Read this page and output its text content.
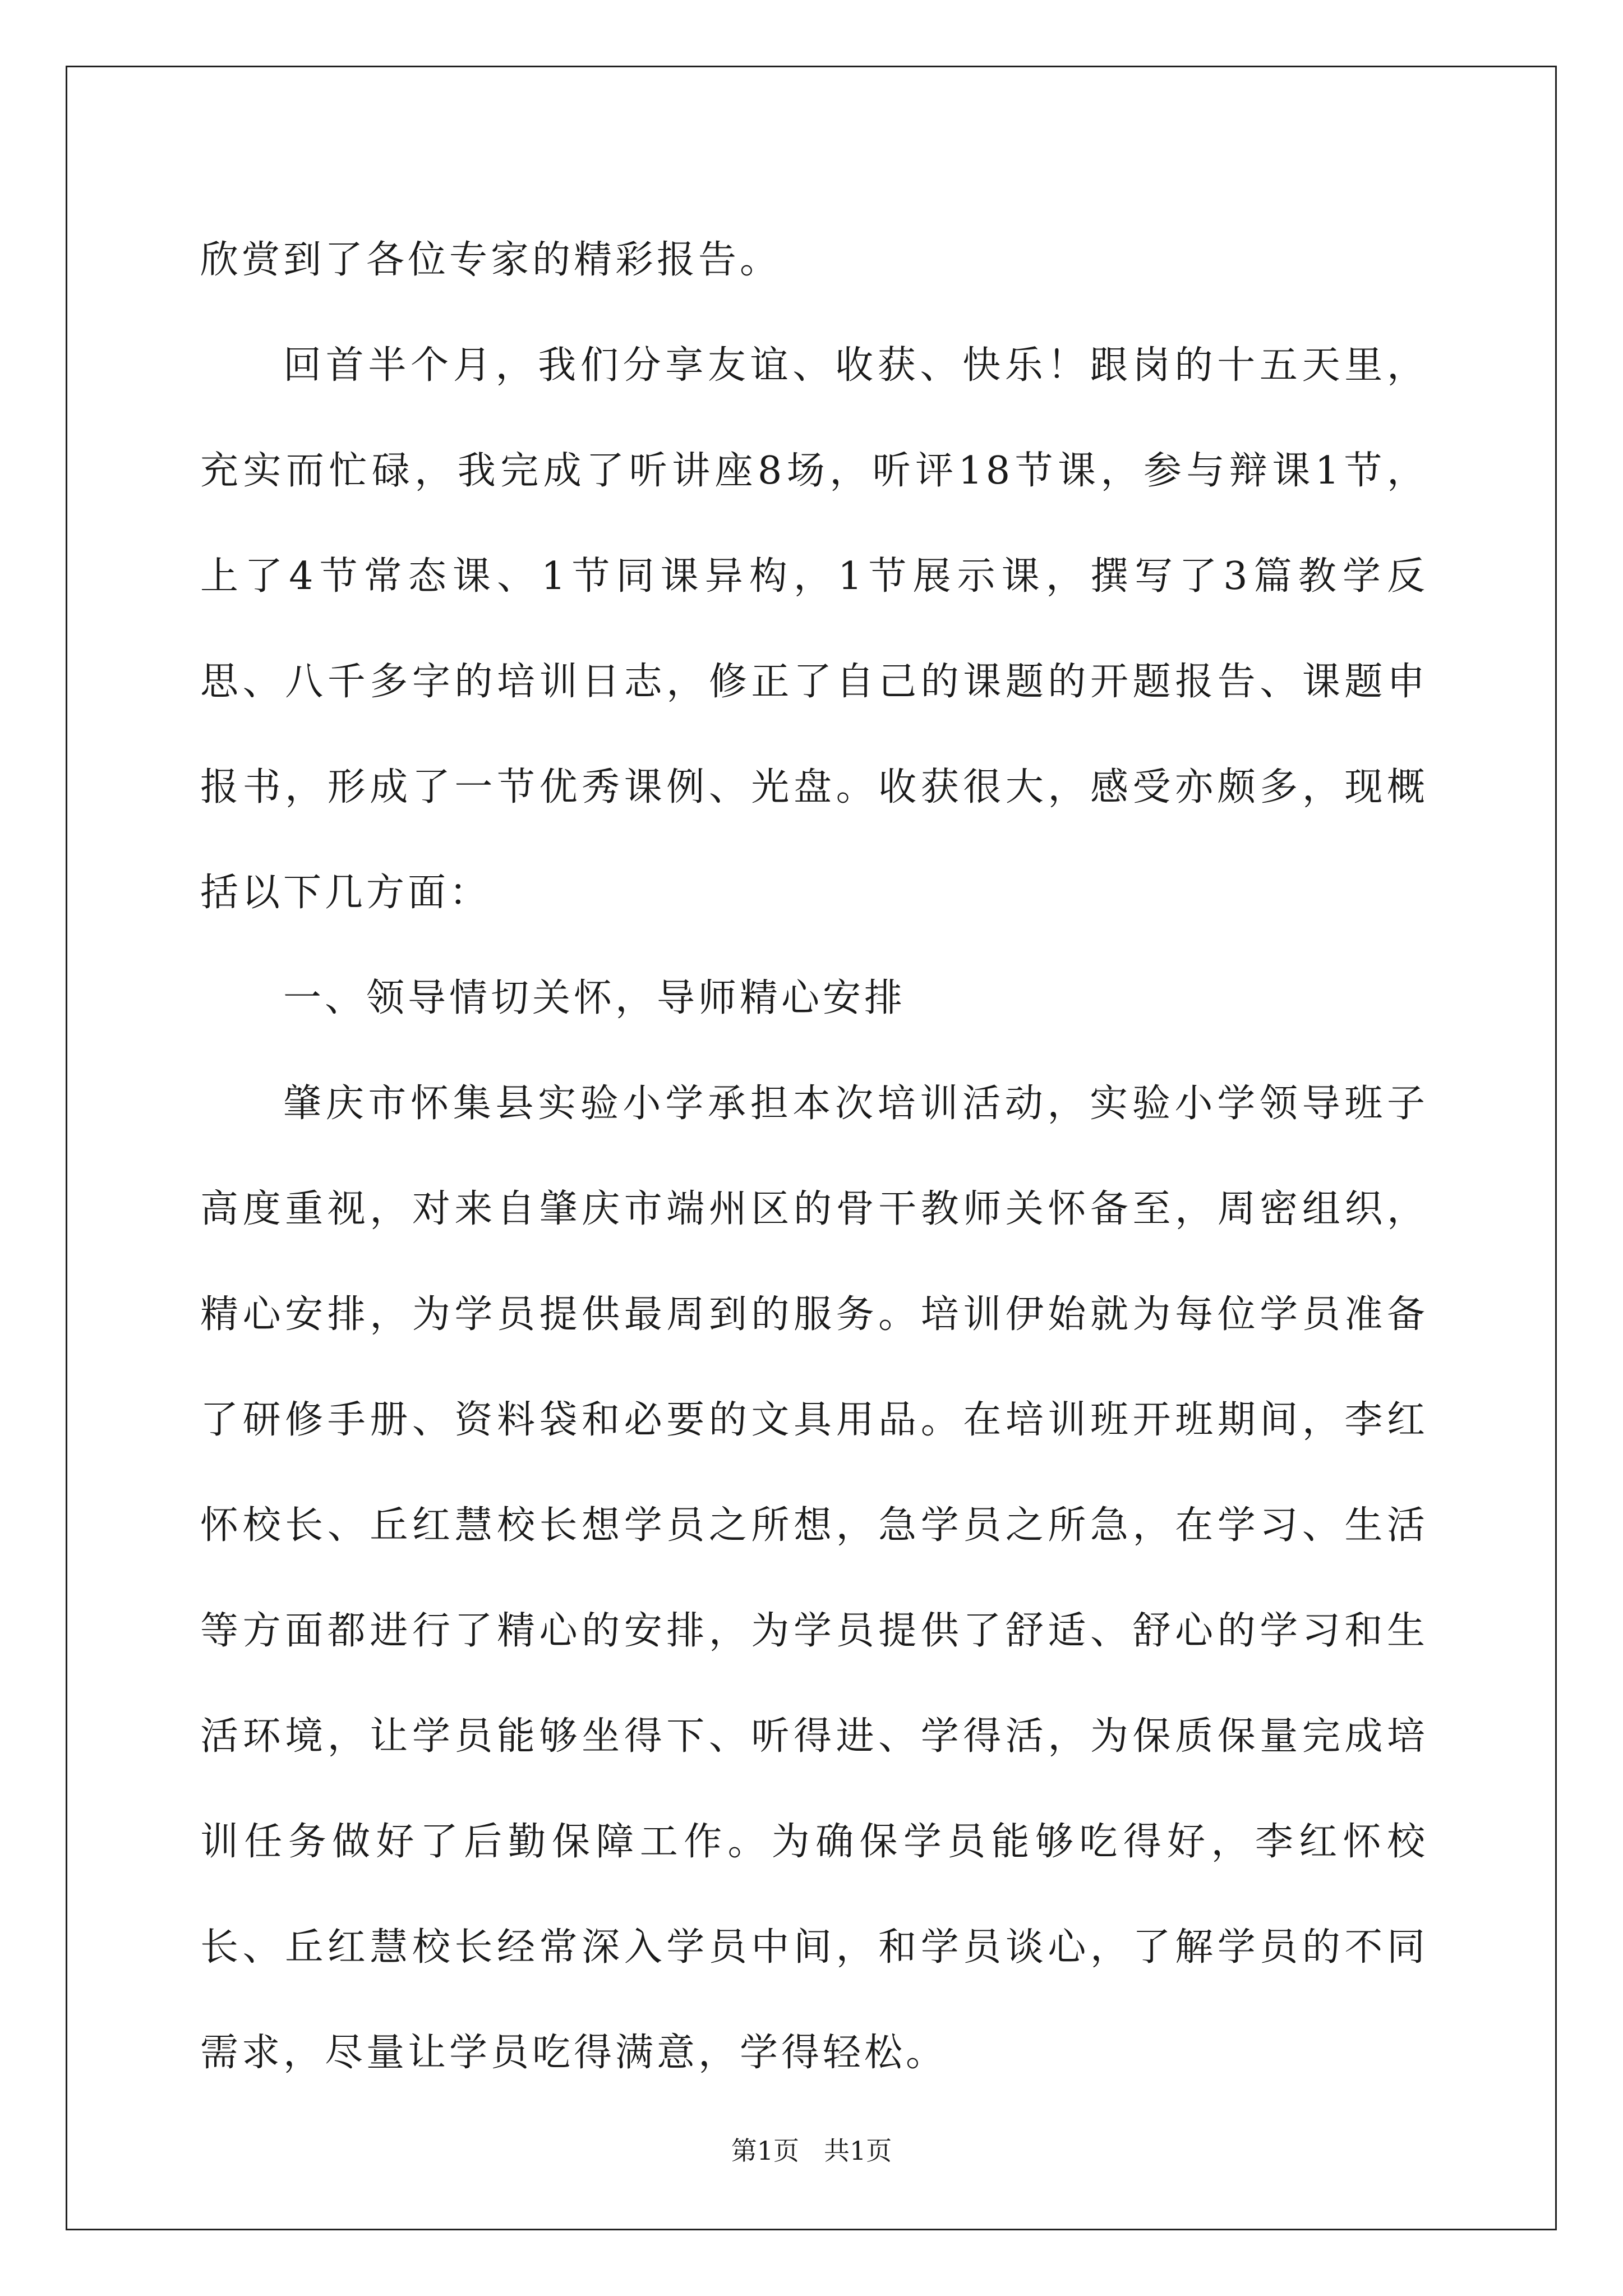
欣赏到了各位专家的精彩报告。

回首半个月，我们分享友谊、收获、快乐！跟岗的十五天里，充实而忙碌，我完成了听讲座8场，听评18节课，参与辩课1节，上了4节常态课、1节同课异构，1节展示课，撰写了3篇教学反思、八千多字的培训日志，修正了自己的课题的开题报告、课题申报书，形成了一节优秀课例、光盘。收获很大，感受亦颇多，现概括以下几方面：

一、领导情切关怀，导师精心安排

肇庆市怀集县实验小学承担本次培训活动，实验小学领导班子高度重视，对来自肇庆市端州区的骨干教师关怀备至，周密组织，精心安排，为学员提供最周到的服务。培训伊始就为每位学员准备了研修手册、资料袋和必要的文具用品。在培训班开班期间，李红怀校长、丘红慧校长想学员之所想，急学员之所急，在学习、生活等方面都进行了精心的安排，为学员提供了舒适、舒心的学习和生活环境，让学员能够坐得下、听得进、学得活，为保质保量完成培训任务做好了后勤保障工作。为确保学员能够吃得好，李红怀校长、丘红慧校长经常深入学员中间，和学员谈心，了解学员的不同需求，尽量让学员吃得满意，学得轻松。

第1页 共1页
